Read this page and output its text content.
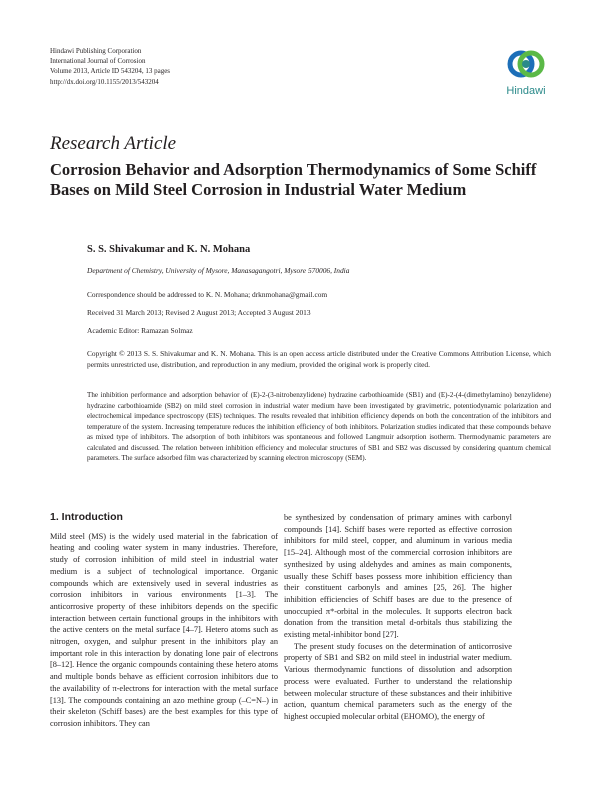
Hindawi Publishing Corporation
International Journal of Corrosion
Volume 2013, Article ID 543204, 13 pages
http://dx.doi.org/10.1155/2013/543204
Hindawi
Research Article
Corrosion Behavior and Adsorption Thermodynamics of Some Schiff Bases on Mild Steel Corrosion in Industrial Water Medium
S. S. Shivakumar and K. N. Mohana
Department of Chemistry, University of Mysore, Manasagangotri, Mysore 570006, India
Correspondence should be addressed to K. N. Mohana; drknmohana@gmail.com
Received 31 March 2013; Revised 2 August 2013; Accepted 3 August 2013
Academic Editor: Ramazan Solmaz
Copyright © 2013 S. S. Shivakumar and K. N. Mohana. This is an open access article distributed under the Creative Commons Attribution License, which permits unrestricted use, distribution, and reproduction in any medium, provided the original work is properly cited.
The inhibition performance and adsorption behavior of (E)-2-(3-nitrobenzylidene) hydrazine carbothioamide (SB1) and (E)-2-(4-(dimethylamino) benzylidene) hydrazine carbothioamide (SB2) on mild steel corrosion in industrial water medium have been investigated by gravimetric, potentiodynamic polarization and electrochemical impedance spectroscopy (EIS) techniques. The results revealed that inhibition efficiency depends on both the concentration of the inhibitors and temperature of the system. Increasing temperature reduces the inhibition efficiency of both inhibitors. Polarization studies indicated that these compounds behave as mixed type of inhibitors. The adsorption of both inhibitors was spontaneous and followed Langmuir adsorption isotherm. Thermodynamic parameters are calculated and discussed. The relation between inhibition efficiency and molecular structures of SB1 and SB2 was discussed by considering quantum chemical parameters. The surface adsorbed film was characterized by scanning electron microscopy (SEM).
1. Introduction

Mild steel (MS) is the widely used material in the fabrication of heating and cooling water system in many industries. Therefore, study of corrosion inhibition of mild steel in industrial water medium is a subject of technological importance. Organic compounds which are extensively used in several industries as corrosion inhibitors in various environments [1–3]. The anticorrosive property of these inhibitors depends on the specific interaction between certain functional groups in the inhibitors with the active centers on the metal surface [4–7]. Hetero atoms such as nitrogen, oxygen, and sulphur present in the inhibitors play an important role in this interaction by donating lone pair of electrons [8–12]. Hence the organic compounds containing these hetero atoms and multiple bonds behave as efficient corrosion inhibitors due to the availability of π-electrons for interaction with the metal surface [13]. The compounds containing an azo methine group (–C=N–) in their skeleton (Schiff bases) are the best examples for this type of corrosion inhibitors. They can

be synthesized by condensation of primary amines with carbonyl compounds [14]. Schiff bases were reported as effective corrosion inhibitors for mild steel, copper, and aluminum in various media [15–24]. Although most of the commercial corrosion inhibitors are synthesized by using aldehydes and amines as main components, usually these Schiff bases possess more inhibition efficiency than their constituent carbonyls and amines [25, 26]. The higher inhibition efficiencies of Schiff bases are due to the presence of unoccupied π*-orbital in the molecules. It supports electron back donation from the transition metal d-orbitals thus stabilizing the existing metal-inhibitor bond [27].

The present study focuses on the determination of anticorrosive property of SB1 and SB2 on mild steel in industrial water medium. Various thermodynamic functions of dissolution and adsorption process were evaluated. Further to understand the relationship between molecular structure of these substances and their inhibitive action, quantum chemical parameters such as the energy of the highest occupied molecular orbital (EHOMO), the energy of
